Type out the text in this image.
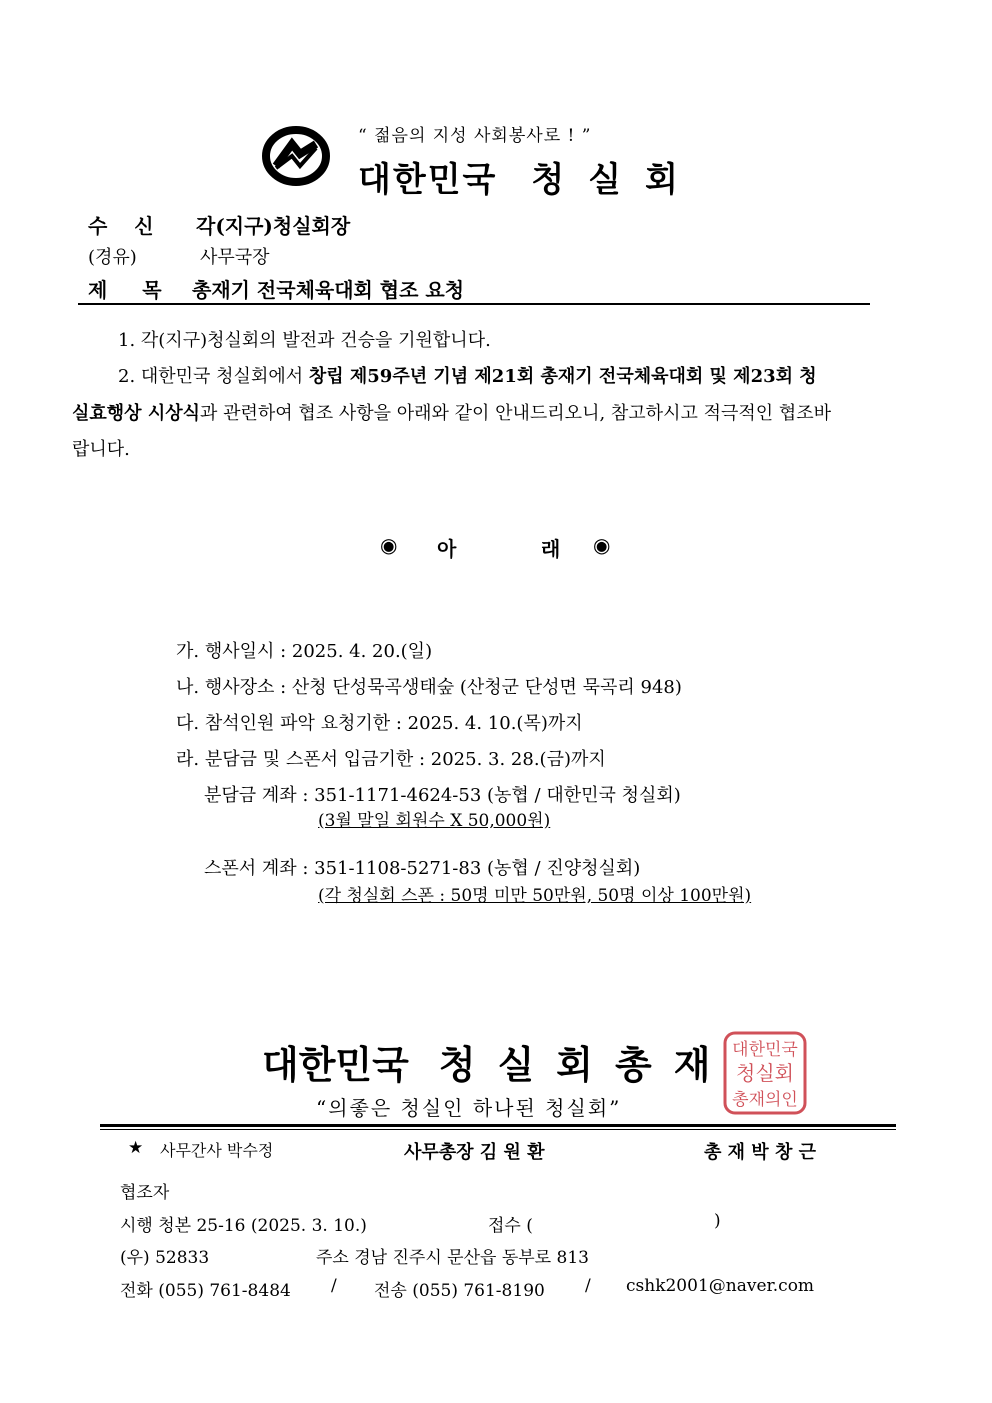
“ 젊음의 지성 사회봉사로 ! ”
대한민국 청 실 회
수 신 각(지구)청실회장
(경유)	사무국장
제 목 총재기 전국체육대회 협조 요청
1. 각(지구)청실회의 발전과 건승을 기원합니다.
2. 대한민국 청실회에서 창립 제59주년 기념 제21회 총재기 전국체육대회 및 제23회 청
실효행상 시상식과 관련하여 협조 사항을 아래와 같이 안내드리오니, 참고하시고 적극적인 협조바
랍니다.
◉ 아	래 ◉
가. 행사일시 : 2025. 4. 20.(일)
나. 행사장소 : 산청 단성묵곡생태숲 (산청군 단성면 묵곡리 948)
다. 참석인원 파악 요청기한 : 2025. 4. 10.(목)까지
라. 분담금 및 스폰서 입금기한 : 2025. 3. 28.(금)까지
분담금 계좌 : 351-1171-4624-53 (농협 / 대한민국 청실회)
(3월 말일 회원수 X 50,000원)
스폰서 계좌 : 351-1108-5271-83 (농협 / 진양청실회)
(각 청실회 스폰 : 50명 미만 50만원, 50명 이상 100만원)
대한민국 청 실 회 총 재	대한민국
청실회
총재의인
“의좋은 청실인 하나된 청실회”
★ 사무간사 박수정	사무총장 김 원 환	총 재 박 창 근
협조자
시행 청본 25-16 (2025. 3. 10.)	접수 (	)
(우) 52833	주소 경남 진주시 문산읍 동부로 813
전화 (055) 761-8484 / 전송 (055) 761-8190 / cshk2001@naver.com
